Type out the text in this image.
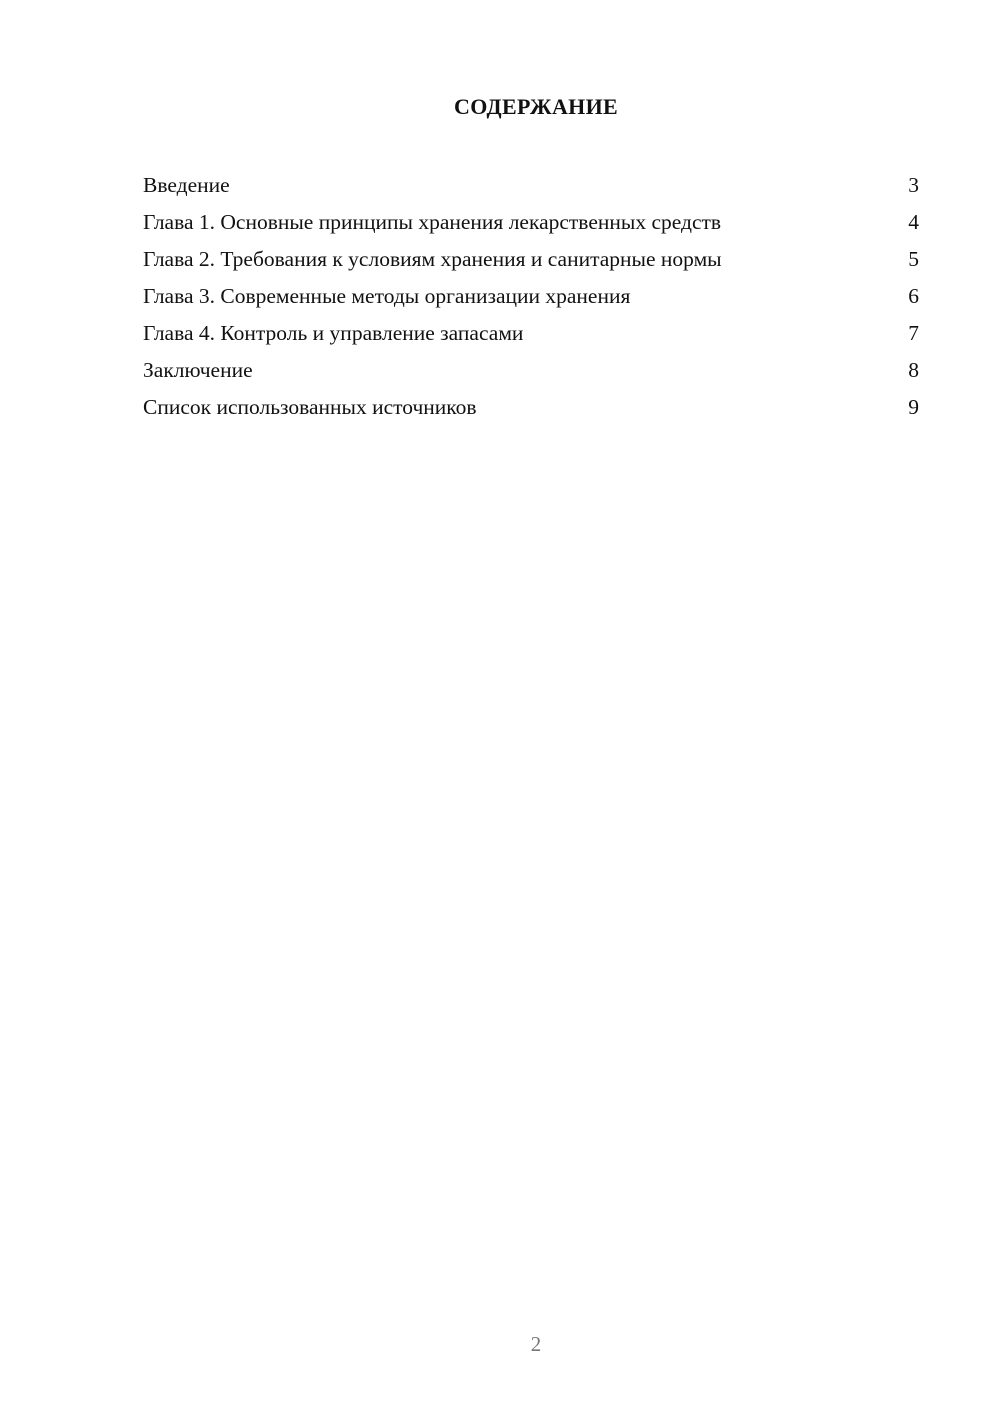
СОДЕРЖАНИЕ
Введение	3
Глава 1. Основные принципы хранения лекарственных средств	4
Глава 2. Требования к условиям хранения и санитарные нормы	5
Глава 3. Современные методы организации хранения	6
Глава 4. Контроль и управление запасами	7
Заключение	8
Список использованных источников	9
2
